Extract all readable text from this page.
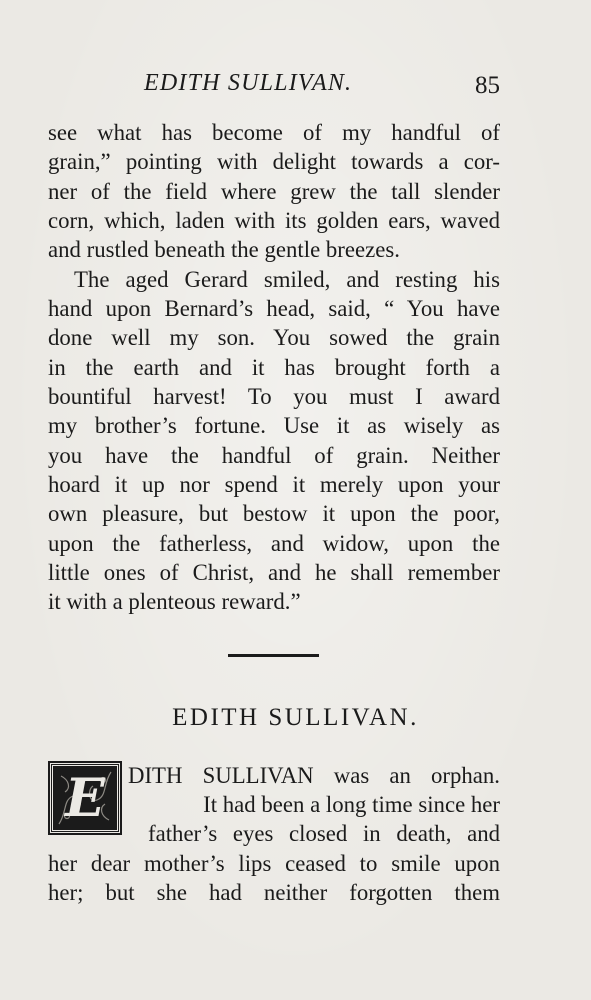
EDITH SULLIVAN.	85
see what has become of my handful of
grain,” pointing with delight towards a cor-
ner of the field where grew the tall slender
corn, which, laden with its golden ears, waved
and rustled beneath the gentle breezes.
The aged Gerard smiled, and resting his
hand upon Bernard’s head, said, “ You have
done well my son. You sowed the grain
in the earth and it has brought forth a
bountiful harvest! To you must I award
my brother’s fortune. Use it as wisely as
you have the handful of grain. Neither
hoard it up nor spend it merely upon your
own pleasure, but bestow it upon the poor,
upon the fatherless, and widow, upon the
little ones of Christ, and he shall remember
it with a plenteous reward.”
EDITH SULLIVAN.
E	DITH SULLIVAN was an orphan.
It had been a long time since her
father’s eyes closed in death, and
her dear mother’s lips ceased to smile upon
her; but she had neither forgotten them
